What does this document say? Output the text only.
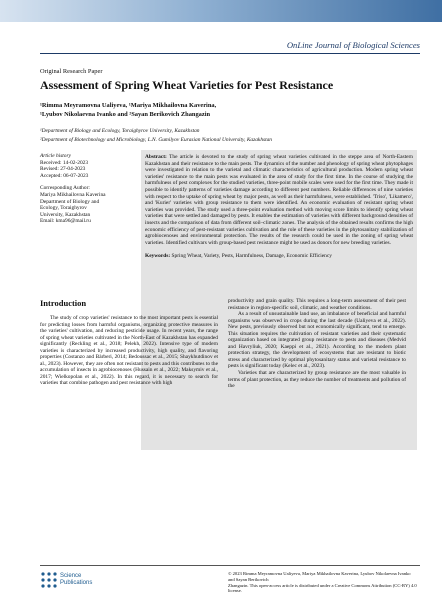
OnLine Journal of Biological Sciences
Original Research Paper
Assessment of Spring Wheat Varieties for Pest Resistance
¹Rimma Meyramovna Ualiyeva, ¹Mariya Mikhailovna Kaverina,
¹Lyubov Nikolaevna Ivanko and ²Sayan Berikovich Zhangazin
¹Department of Biology and Ecology, Toraighyrov University, Kazakhstan
²Department of Biotechnology and Microbiology, L.N. Gumilyov Eurasian National University, Kazakhstan
Article history
Received: 14-02-2023
Revised: 27-04-2023
Accepted: 06-07-2023
Corresponding Author:
Mariya Mikhailovna Kaverina
Department of Biology and
Ecology, Toraighyrov
University, Kazakhstan
Email: kma96@mail.ru

Abstract: The article is devoted to the study of spring wheat varieties cultivated in the steppe area of North-Eastern Kazakhstan and their resistance to the main pests. The dynamics of the number and phenology of spring wheat phytophages were investigated in relation to the varietal and climatic characteristics of agricultural production. Modern spring wheat varieties' resistance to the main pests was evaluated in the area of study for the first time. In the course of studying the harmfulness of pest complexes for the studied varieties, three-point mobile scales were used for the first time. They made it possible to identify patterns of varieties damage according to different pest numbers. Reliable differences of nine varieties with respect to the uptake of spring wheat by major pests, as well as their harmfulness, were established. 'Triso', 'Likamero', and 'Kurier' varieties with group resistance to them were identified. An economic evaluation of resistant spring wheat varieties was provided. The study used a three-point evaluation method with moving score limits to identify spring wheat varieties that were settled and damaged by pests. It enables the estimation of varieties with different background densities of insects and the comparison of data from different soil–climatic zones. The analysis of the obtained results confirms the high economic efficiency of pest-resistant varieties cultivation and the role of these varieties in the phytosanitary stabilization of agrobiocenoses and environmental protection. The results of the research could be used in the zoning of spring wheat varieties. Identified cultivars with group-based pest resistance might be used as donors for new breeding varieties.

Keywords: Spring Wheat, Variety, Pests, Harmfulness, Damage, Economic Efficiency

Introduction

The study of crop varieties' resistance to the most important pests is essential for predicting losses from harmful organisms, organizing protective measures in the varieties' cultivation, and reducing pesticide usage. In recent years, the range of spring wheat varieties cultivated in the North-East of Kazakhstan has expanded significantly (Reckling et al., 2018; Pelekh, 2022). Intensive type of modern varieties is characterized by increased productivity, high quality, and flavoring properties (Costanzo and Bàrberi, 2014; Bedoussac et al., 2015; Shaykhutdinov et al., 2023). However, they are often not resistant to pests and this contributes to the accumulation of insects in agrobiocenoses (Hussain et al., 2022; Maksymiv et al., 2017; Wielkopolan et al., 2022). In this regard, it is necessary to search for varieties that combine pathogen and pest resistance with high

productivity and grain quality. This requires a long-term assessment of their pest resistance in region-specific soil, climatic, and weather conditions.

As a result of unsustainable land use, an imbalance of beneficial and harmful organisms was observed in crops during the last decade (Ualiyeva et al., 2022). New pests, previously observed but not economically significant, tend to emerge. This situation requires the cultivation of resistant varieties and their systematic organization based on integrated group resistance to pests and diseases (Medvid and Havryliuk, 2020; Kaeppi et al., 2021). According to the modern plant protection strategy, the development of ecosystems that are resistant to biotic stress and characterized by optimal phytosanitary status and varietal resistance to pests is significant today (Kelec et al., 2023).

Varieties that are characterized by group resistance are the most valuable in terms of plant protection, as they reduce the number of treatments and pollution of the

Science
Publications
© 2023 Rimma Meyramovna Ualiyeva, Mariya Mikhailovna Kaverina, Lyubov Nikolaevna Ivanko and Sayan Berikovich
Zhangazin. This open-access article is distributed under a Creative Commons Attribution (CC-BY) 4.0 license.
